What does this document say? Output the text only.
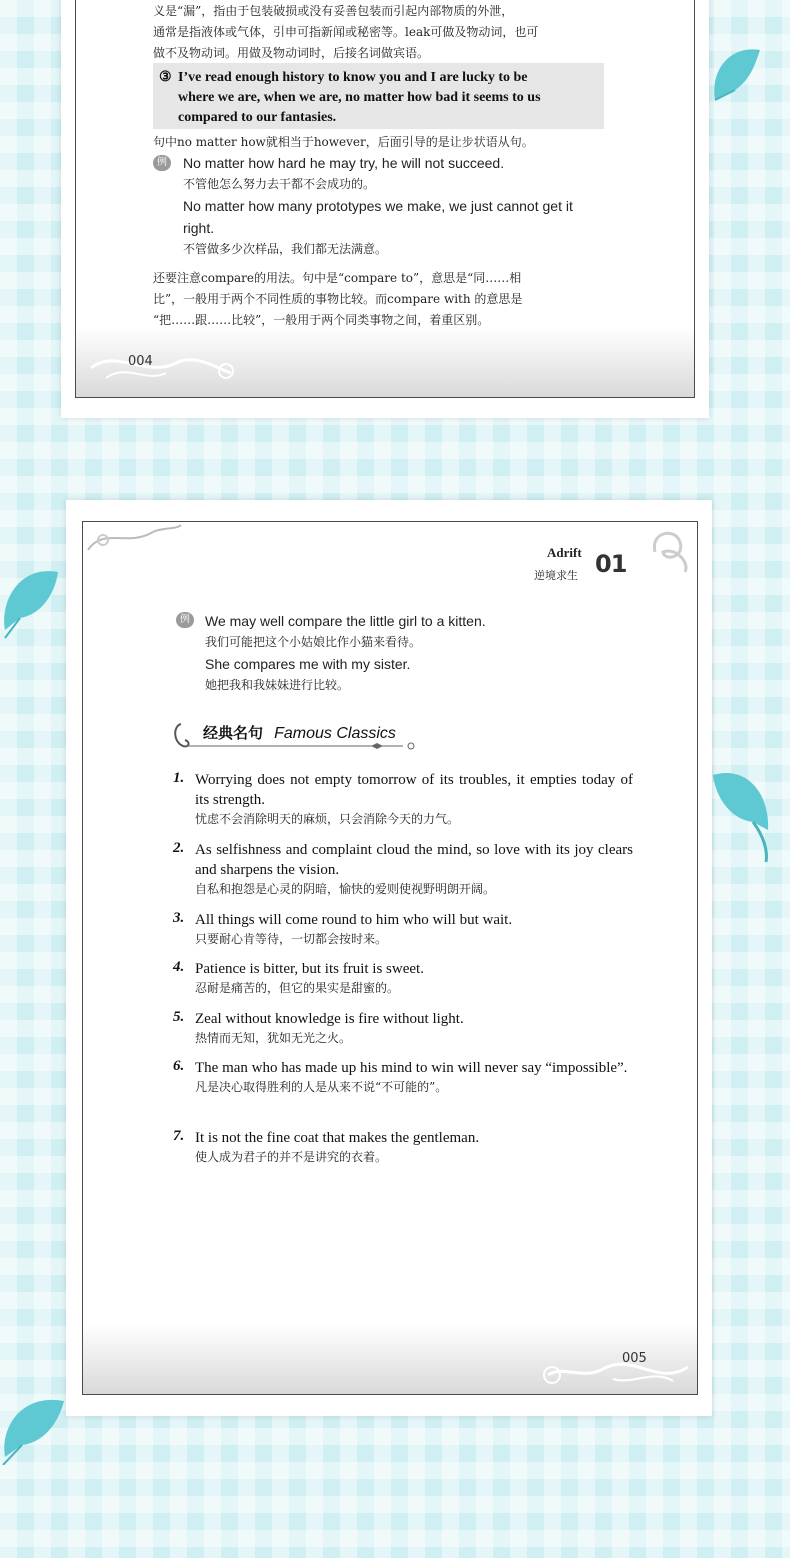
义是“漏”，指由于包装破损或没有妥善包装而引起内部物质的外泄，

通常是指液体或气体，引申可指新闻或秘密等。leak可做及物动词，也可

做不及物动词。用做及物动词时，后接名词做宾语。

③ I’ve read enough history to know you and I are lucky to be
where we are, when we are, no matter how bad it seems to us
compared to our fantasies.

句中no matter how就相当于however，后面引导的是让步状语从句。

例 No matter how hard he may try, he will not succeed.

不管他怎么努力去干都不会成功的。

No matter how many prototypes we make, we just cannot get it

right.

不管做多少次样品，我们都无法满意。

还要注意compare的用法。句中是“compare to”，意思是“同……相

比”，一般用于两个不同性质的事物比较。而compare with 的意思是

“把……跟……比较”，一般用于两个同类事物之间，着重区别。

004
Adrift
逆境求生 01
例 We may well compare the little girl to a kitten.

我们可能把这个小姑娘比作小猫来看待。

She compares me with my sister.

她把我和我妹妹进行比较。

经典名句 Famous Classics
1. Worrying does not empty tomorrow of its troubles, it empties today of its strength.
忧虑不会消除明天的麻烦，只会消除今天的力气。
2. As selfishness and complaint cloud the mind, so love with its joy clears and sharpens the vision.
自私和抱怨是心灵的阴暗，愉快的爱则使视野明朗开阔。
3. All things will come round to him who will but wait.
只要耐心肯等待，一切都会按时来。
4. Patience is bitter, but its fruit is sweet.
忍耐是痛苦的，但它的果实是甜蜜的。
5. Zeal without knowledge is fire without light.
热情而无知，犹如无光之火。
6. The man who has made up his mind to win will never say “impossible”.
凡是决心取得胜利的人是从来不说“不可能的”。
7. It is not the fine coat that makes the gentleman.
使人成为君子的并不是讲究的衣着。
005
